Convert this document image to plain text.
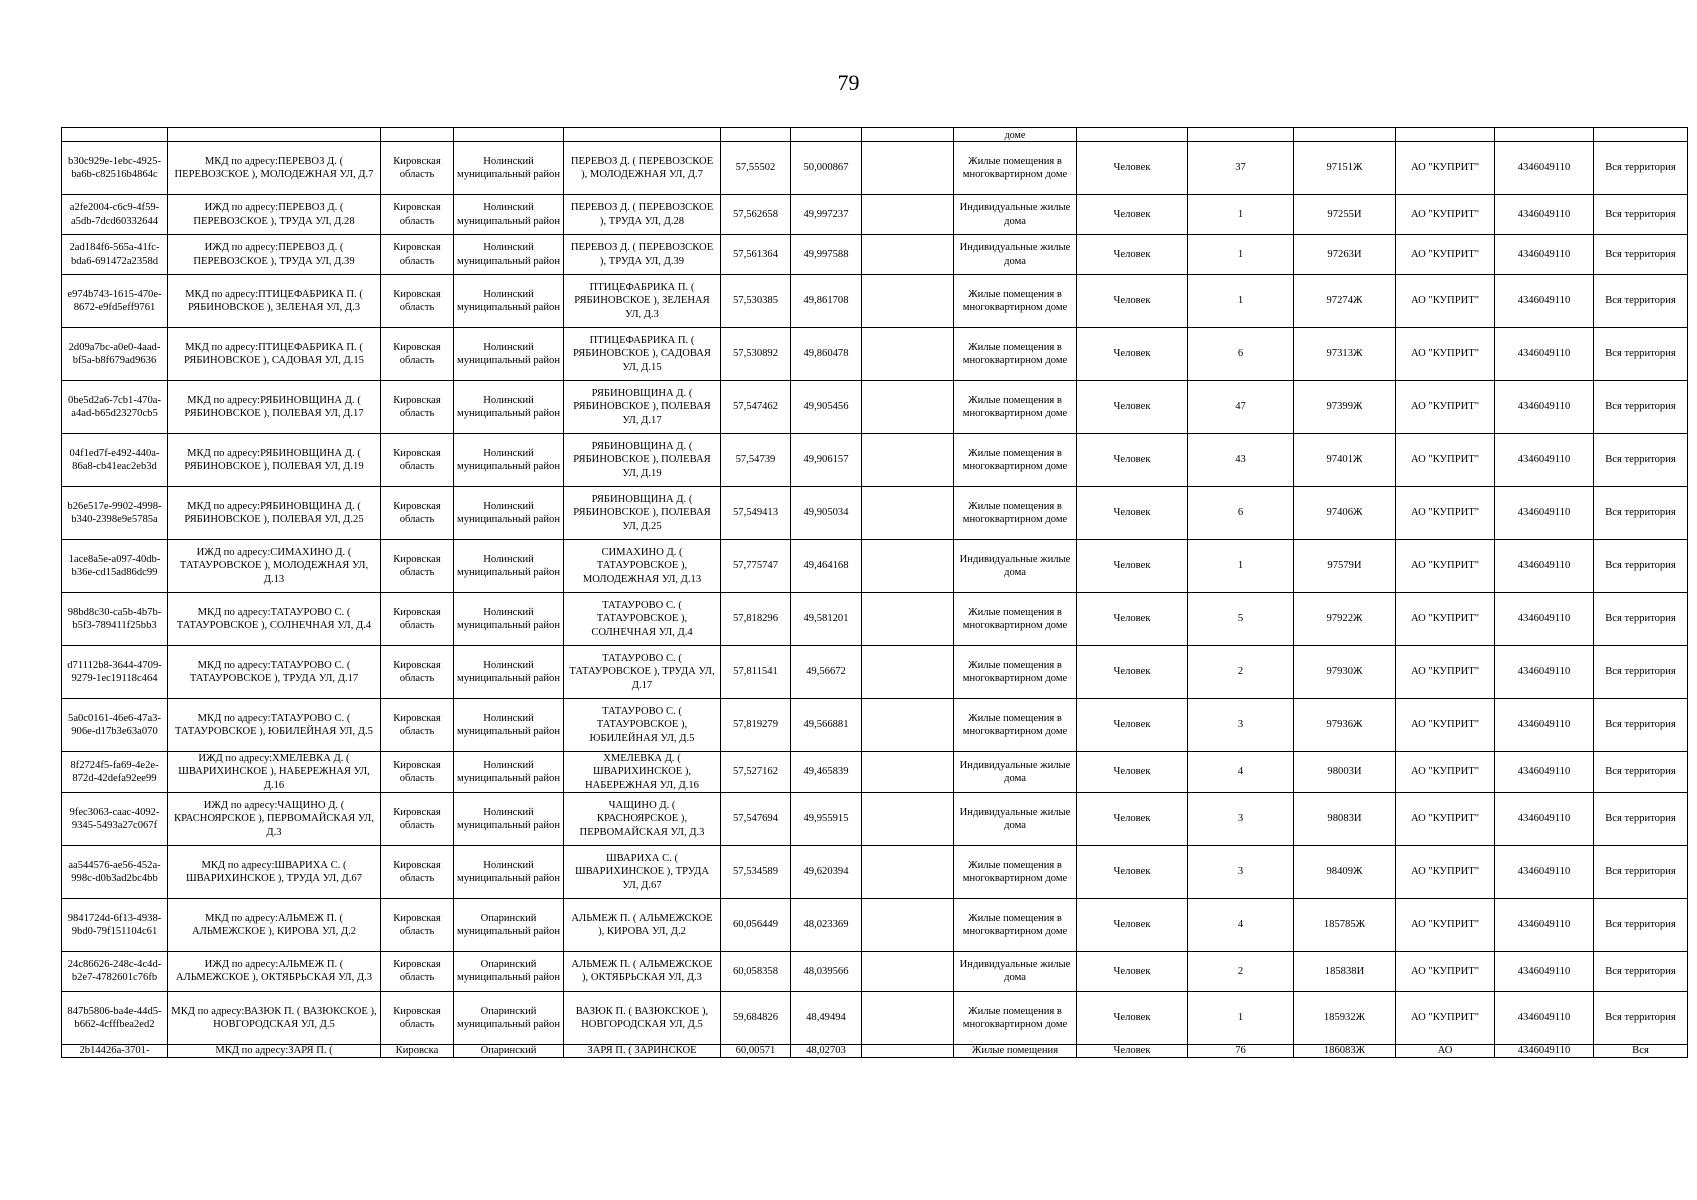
79
								доме						
b30c929e-1ebc-4925-ba6b-c82516b4864c	МКД по адресу:ПЕРЕВОЗ Д. ( ПЕРЕВОЗСКОЕ ), МОЛОДЕЖНАЯ УЛ, Д.7	Кировская область	Нолинский муниципальный район	ПЕРЕВОЗ Д. ( ПЕРЕВОЗСКОЕ ), МОЛОДЕЖНАЯ УЛ, Д.7	57,55502	50,000867		Жилые помещения в многоквартирном доме	Человек	37	97151Ж	АО "КУПРИТ"	4346049110	Вся территория
a2fe2004-c6c9-4f59-a5db-7dcd60332644	ИЖД по адресу:ПЕРЕВОЗ Д. ( ПЕРЕВОЗСКОЕ ), ТРУДА УЛ, Д.28	Кировская область	Нолинский муниципальный район	ПЕРЕВОЗ Д. ( ПЕРЕВОЗСКОЕ ), ТРУДА УЛ, Д.28	57,562658	49,997237		Индивидуальные жилые дома	Человек	1	97255И	АО "КУПРИТ"	4346049110	Вся территория
2ad184f6-565a-41fc-bda6-691472a2358d	ИЖД по адресу:ПЕРЕВОЗ Д. ( ПЕРЕВОЗСКОЕ ), ТРУДА УЛ, Д.39	Кировская область	Нолинский муниципальный район	ПЕРЕВОЗ Д. ( ПЕРЕВОЗСКОЕ ), ТРУДА УЛ, Д.39	57,561364	49,997588		Индивидуальные жилые дома	Человек	1	97263И	АО "КУПРИТ"	4346049110	Вся территория
e974b743-1615-470e-8672-e9fd5eff9761	МКД по адресу:ПТИЦЕФАБРИКА П. ( РЯБИНОВСКОЕ ), ЗЕЛЕНАЯ УЛ, Д.3	Кировская область	Нолинский муниципальный район	ПТИЦЕФАБРИКА П. ( РЯБИНОВСКОЕ ), ЗЕЛЕНАЯ УЛ, Д.3	57,530385	49,861708		Жилые помещения в многоквартирном доме	Человек	1	97274Ж	АО "КУПРИТ"	4346049110	Вся территория
2d09a7bc-a0e0-4aad-bf5a-b8f679ad9636	МКД по адресу:ПТИЦЕФАБРИКА П. ( РЯБИНОВСКОЕ ), САДОВАЯ УЛ, Д.15	Кировская область	Нолинский муниципальный район	ПТИЦЕФАБРИКА П. ( РЯБИНОВСКОЕ ), САДОВАЯ УЛ, Д.15	57,530892	49,860478		Жилые помещения в многоквартирном доме	Человек	6	97313Ж	АО "КУПРИТ"	4346049110	Вся территория
0be5d2a6-7cb1-470a-a4ad-b65d23270cb5	МКД по адресу:РЯБИНОВЩИНА Д. ( РЯБИНОВСКОЕ ), ПОЛЕВАЯ УЛ, Д.17	Кировская область	Нолинский муниципальный район	РЯБИНОВЩИНА Д. ( РЯБИНОВСКОЕ ), ПОЛЕВАЯ УЛ, Д.17	57,547462	49,905456		Жилые помещения в многоквартирном доме	Человек	47	97399Ж	АО "КУПРИТ"	4346049110	Вся территория
04f1ed7f-e492-440a-86a8-cb41eac2eb3d	МКД по адресу:РЯБИНОВЩИНА Д. ( РЯБИНОВСКОЕ ), ПОЛЕВАЯ УЛ, Д.19	Кировская область	Нолинский муниципальный район	РЯБИНОВЩИНА Д. ( РЯБИНОВСКОЕ ), ПОЛЕВАЯ УЛ, Д.19	57,54739	49,906157		Жилые помещения в многоквартирном доме	Человек	43	97401Ж	АО "КУПРИТ"	4346049110	Вся территория
b26e517e-9902-4998-b340-2398e9e5785a	МКД по адресу:РЯБИНОВЩИНА Д. ( РЯБИНОВСКОЕ ), ПОЛЕВАЯ УЛ, Д.25	Кировская область	Нолинский муниципальный район	РЯБИНОВЩИНА Д. ( РЯБИНОВСКОЕ ), ПОЛЕВАЯ УЛ, Д.25	57,549413	49,905034		Жилые помещения в многоквартирном доме	Человек	6	97406Ж	АО "КУПРИТ"	4346049110	Вся территория
1ace8a5e-a097-40db-b36e-cd15ad86dc99	ИЖД по адресу:СИМАХИНО Д. ( ТАТАУРОВСКОЕ ), МОЛОДЕЖНАЯ УЛ, Д.13	Кировская область	Нолинский муниципальный район	СИМАХИНО Д. ( ТАТАУРОВСКОЕ ), МОЛОДЕЖНАЯ УЛ, Д.13	57,775747	49,464168		Индивидуальные жилые дома	Человек	1	97579И	АО "КУПРИТ"	4346049110	Вся территория
98bd8c30-ca5b-4b7b-b5f3-789411f25bb3	МКД по адресу:ТАТАУРОВО С. ( ТАТАУРОВСКОЕ ), СОЛНЕЧНАЯ УЛ, Д.4	Кировская область	Нолинский муниципальный район	ТАТАУРОВО С. ( ТАТАУРОВСКОЕ ), СОЛНЕЧНАЯ УЛ, Д.4	57,818296	49,581201		Жилые помещения в многоквартирном доме	Человек	5	97922Ж	АО "КУПРИТ"	4346049110	Вся территория
d71112b8-3644-4709-9279-1ec19118c464	МКД по адресу:ТАТАУРОВО С. ( ТАТАУРОВСКОЕ ), ТРУДА УЛ, Д.17	Кировская область	Нолинский муниципальный район	ТАТАУРОВО С. ( ТАТАУРОВСКОЕ ), ТРУДА УЛ, Д.17	57,811541	49,56672		Жилые помещения в многоквартирном доме	Человек	2	97930Ж	АО "КУПРИТ"	4346049110	Вся территория
5a0c0161-46e6-47a3-906e-d17b3e63a070	МКД по адресу:ТАТАУРОВО С. ( ТАТАУРОВСКОЕ ), ЮБИЛЕЙНАЯ УЛ, Д.5	Кировская область	Нолинский муниципальный район	ТАТАУРОВО С. ( ТАТАУРОВСКОЕ ), ЮБИЛЕЙНАЯ УЛ, Д.5	57,819279	49,566881		Жилые помещения в многоквартирном доме	Человек	3	97936Ж	АО "КУПРИТ"	4346049110	Вся территория
8f2724f5-fa69-4e2e-872d-42defa92ee99	ИЖД по адресу:ХМЕЛЕВКА Д. ( ШВАРИХИНСКОЕ ), НАБЕРЕЖНАЯ УЛ, Д.16	Кировская область	Нолинский муниципальный район	ХМЕЛЕВКА Д. ( ШВАРИХИНСКОЕ ), НАБЕРЕЖНАЯ УЛ, Д.16	57,527162	49,465839		Индивидуальные жилые дома	Человек	4	98003И	АО "КУПРИТ"	4346049110	Вся территория
9fec3063-caac-4092-9345-5493a27c067f	ИЖД по адресу:ЧАЩИНО Д. ( КРАСНОЯРСКОЕ ), ПЕРВОМАЙСКАЯ УЛ, Д.3	Кировская область	Нолинский муниципальный район	ЧАЩИНО Д. ( КРАСНОЯРСКОЕ ), ПЕРВОМАЙСКАЯ УЛ, Д.3	57,547694	49,955915		Индивидуальные жилые дома	Человек	3	98083И	АО "КУПРИТ"	4346049110	Вся территория
aa544576-ae56-452a-998c-d0b3ad2bc4bb	МКД по адресу:ШВАРИХА С. ( ШВАРИХИНСКОЕ ), ТРУДА УЛ, Д.67	Кировская область	Нолинский муниципальный район	ШВАРИХА С. ( ШВАРИХИНСКОЕ ), ТРУДА УЛ, Д.67	57,534589	49,620394		Жилые помещения в многоквартирном доме	Человек	3	98409Ж	АО "КУПРИТ"	4346049110	Вся территория
9841724d-6f13-4938-9bd0-79f151104c61	МКД по адресу:АЛЬМЕЖ П. ( АЛЬМЕЖСКОЕ ), КИРОВА УЛ, Д.2	Кировская область	Опаринский муниципальный район	АЛЬМЕЖ П. ( АЛЬМЕЖСКОЕ ), КИРОВА УЛ, Д.2	60,056449	48,023369		Жилые помещения в многоквартирном доме	Человек	4	185785Ж	АО "КУПРИТ"	4346049110	Вся территория
24c86626-248c-4c4d-b2e7-4782601c76fb	ИЖД по адресу:АЛЬМЕЖ П. ( АЛЬМЕЖСКОЕ ), ОКТЯБРЬСКАЯ УЛ, Д.3	Кировская область	Опаринский муниципальный район	АЛЬМЕЖ П. ( АЛЬМЕЖСКОЕ ), ОКТЯБРЬСКАЯ УЛ, Д.3	60,058358	48,039566		Индивидуальные жилые дома	Человек	2	185838И	АО "КУПРИТ"	4346049110	Вся территория
847b5806-ba4e-44d5-b662-4cfffbea2ed2	МКД по адресу:ВАЗЮК П. ( ВАЗЮКСКОЕ ), НОВГОРОДСКАЯ УЛ, Д.5	Кировская область	Опаринский муниципальный район	ВАЗЮК П. ( ВАЗЮКСКОЕ ), НОВГОРОДСКАЯ УЛ, Д.5	59,684826	48,49494		Жилые помещения в многоквартирном доме	Человек	1	185932Ж	АО "КУПРИТ"	4346049110	Вся территория
2b14426a-3701-	МКД по адресу:ЗАРЯ П. (	Кировска	Опаринский	ЗАРЯ П. ( ЗАРИНСКОЕ	60,00571	48,02703		Жилые помещения	Человек	76	186083Ж	АО	4346049110	Вся
